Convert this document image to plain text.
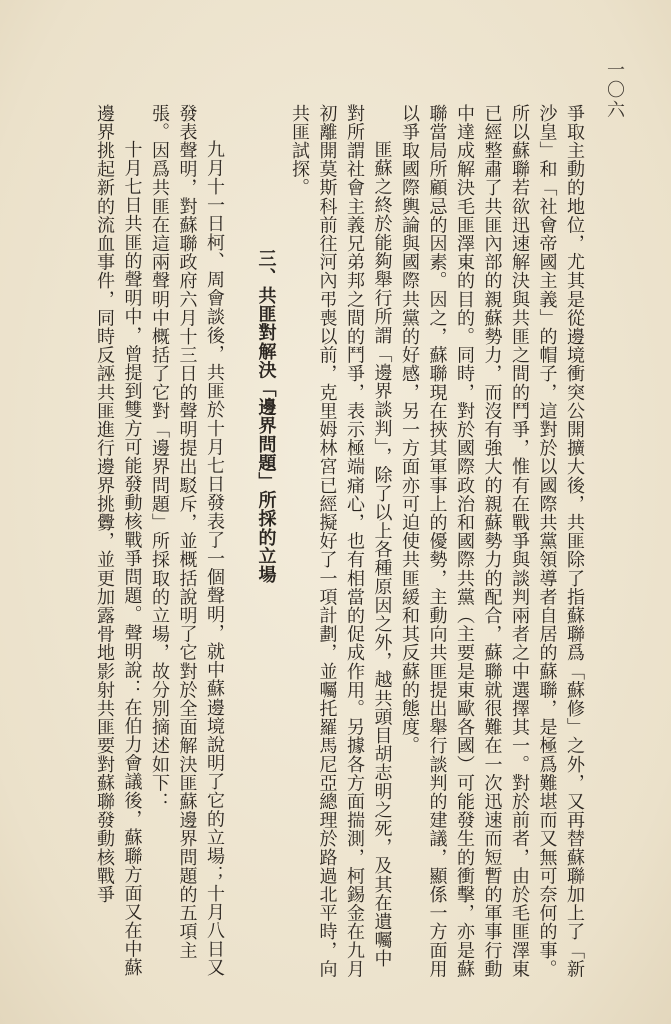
一〇六

爭取主動的地位，尤其是從邊境衝突公開擴大後，共匪除了指蘇聯爲「蘇修」之外，又再替蘇聯加上了「新沙皇」和「社會帝國主義」的帽子，這對於以國際共黨領導者自居的蘇聯，是極爲難堪而又無可奈何的事。所以蘇聯若欲迅速解決與共匪之間的鬥爭，惟有在戰爭與談判兩者之中選擇其一。對於前者，由於毛匪澤東已經整肅了共匪內部的親蘇勢力，而沒有強大的親蘇勢力的配合，蘇聯就很難在一次迅速而短暫的軍事行動中達成解決毛匪澤東的目的。同時，對於國際政治和國際共黨（主要是東歐各國）可能發生的衝擊，亦是蘇聯當局所顧忌的因素。因之，蘇聯現在挾其軍事上的優勢，主動向共匪提出舉行談判的建議，顯係一方面用以爭取國際輿論與國際共黨的好感，另一方面亦可迫使共匪緩和其反蘇的態度。

匪蘇之終於能夠舉行所謂「邊界談判」，除了以上各種原因之外，越共頭目胡志明之死，及其在遺囑中對所謂社會主義兄弟邦之間的鬥爭，表示極端痛心，也有相當的促成作用。另據各方面揣測，柯錫金在九月初離開莫斯科前往河內弔喪以前，克里姆林宮已經擬好了一項計劃，並囑托羅馬尼亞總理於路過北平時，向共匪試探。

三、共匪對解決「邊界問題」所採的立場

九月十一日柯、周會談後，共匪於十月七日發表了一個聲明，就中蘇邊境說明了它的立場；十月八日又發表聲明，對蘇聯政府六月十三日的聲明提出駁斥，並概括說明了它對於全面解決匪蘇邊界問題的五項主張。因爲共匪在這兩聲明中概括了它對「邊界問題」所採取的立場，故分別摘述如下：

十月七日共匪的聲明中，曾提到雙方可能發動核戰爭問題。聲明說：在伯力會議後，蘇聯方面又在中蘇邊界挑起新的流血事件，同時反誣共匪進行邊界挑釁，並更加露骨地影射共匪要對蘇聯發動核戰爭
